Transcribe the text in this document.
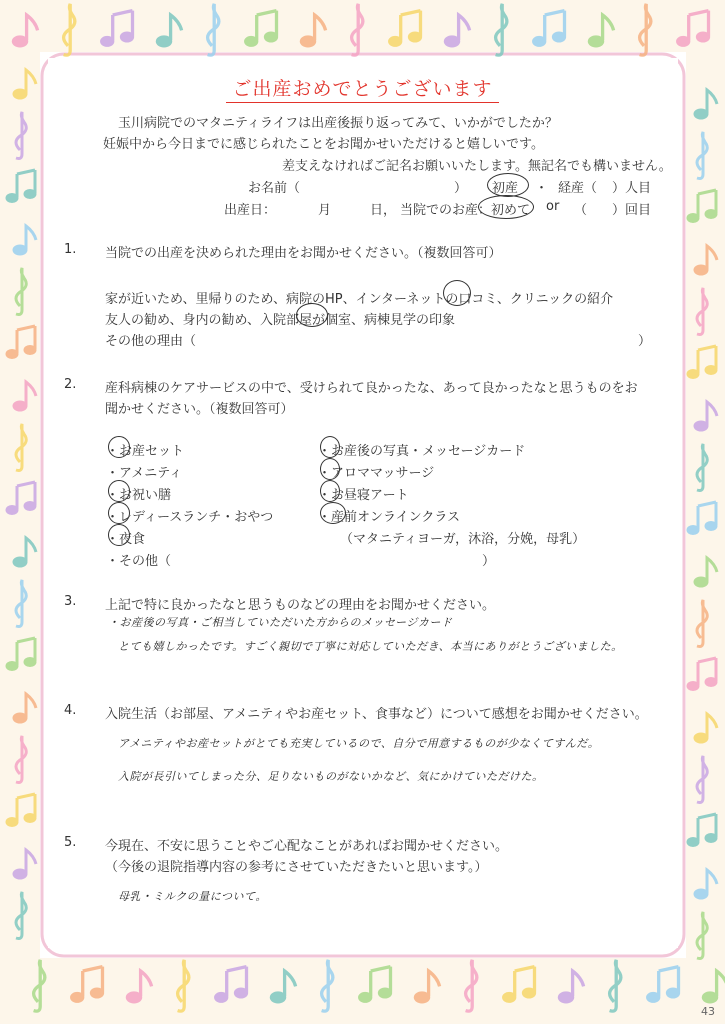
ご出産おめでとうございます
玉川病院でのマタニティライフは出産後振り返ってみて、いかがでしたか？
妊娠中から今日までに感じられたことをお聞かせいただけると嬉しいです。
差支えなければご記名お願いいたします。無記名でも構いません。
お名前（	） 初産 ・ 経産（ ）人目
出産日：	月	日， 当院でのお産：初めて or （ ）回目
1. 当院での出産を決められた理由をお聞かせください。（複数回答可）
家が近いため、里帰りのため、病院のHP、インターネットの口コミ、クリニックの紹介
友人の勧め、身内の勧め、入院部屋が個室、病棟見学の印象
その他の理由（	）
2. 産科病棟のケアサービスの中で、受けられて良かったな、あって良かったなと思うものをお
聞かせください。（複数回答可）
・お産セット
・アメニティ
・お祝い膳
・レディースランチ・おやつ
・夜食
・その他（
・お産後の写真・メッセージカード
・アロママッサージ
・お昼寝アート
・産前オンラインクラス
（マタニティヨーガ，沐浴，分娩，母乳）
）
3. 上記で特に良かったなと思うものなどの理由をお聞かせください。
・お産後の写真・ご相当していただいた方からのメッセージカード
とても嬉しかったです。すごく親切で丁寧に対応していただき、本当にありがとうございました。
4. 入院生活（お部屋、アメニティやお産セット、食事など）について感想をお聞かせください。
アメニティやお産セットがとても充実しているので、自分で用意するものが少なくてすんだ。
入院が長引いてしまった分、足りないものがないかなど、気にかけていただけた。
5. 今現在、不安に思うことやご心配なことがあればお聞かせください。
（今後の退院指導内容の参考にさせていただきたいと思います。）
母乳・ミルクの量について。
43
